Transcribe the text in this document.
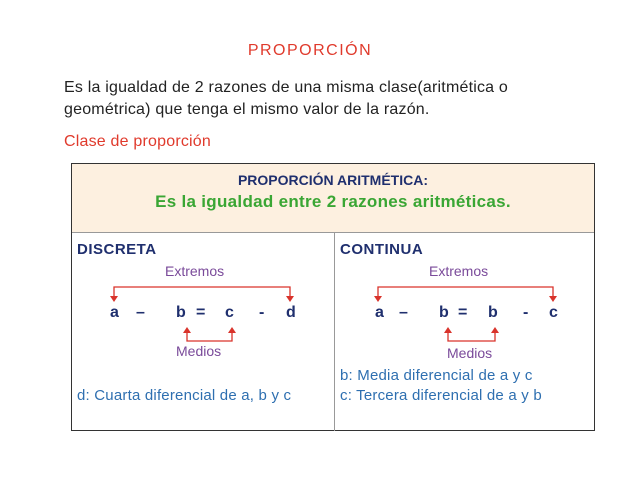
PROPORCIÓN
Es la igualdad de 2 razones de una misma clase(aritmética o geométrica) que tenga el mismo valor de la razón.
Clase de proporción
PROPORCIÓN ARITMÉTICA:
Es la igualdad entre 2 razones aritméticas.
DISCRETA
Extremos
a – b = c - d
Medios
d: Cuarta diferencial de a, b y c
CONTINUA
Extremos
a – b = b - c
Medios
b: Media diferencial de a y c
c: Tercera diferencial de a y b
